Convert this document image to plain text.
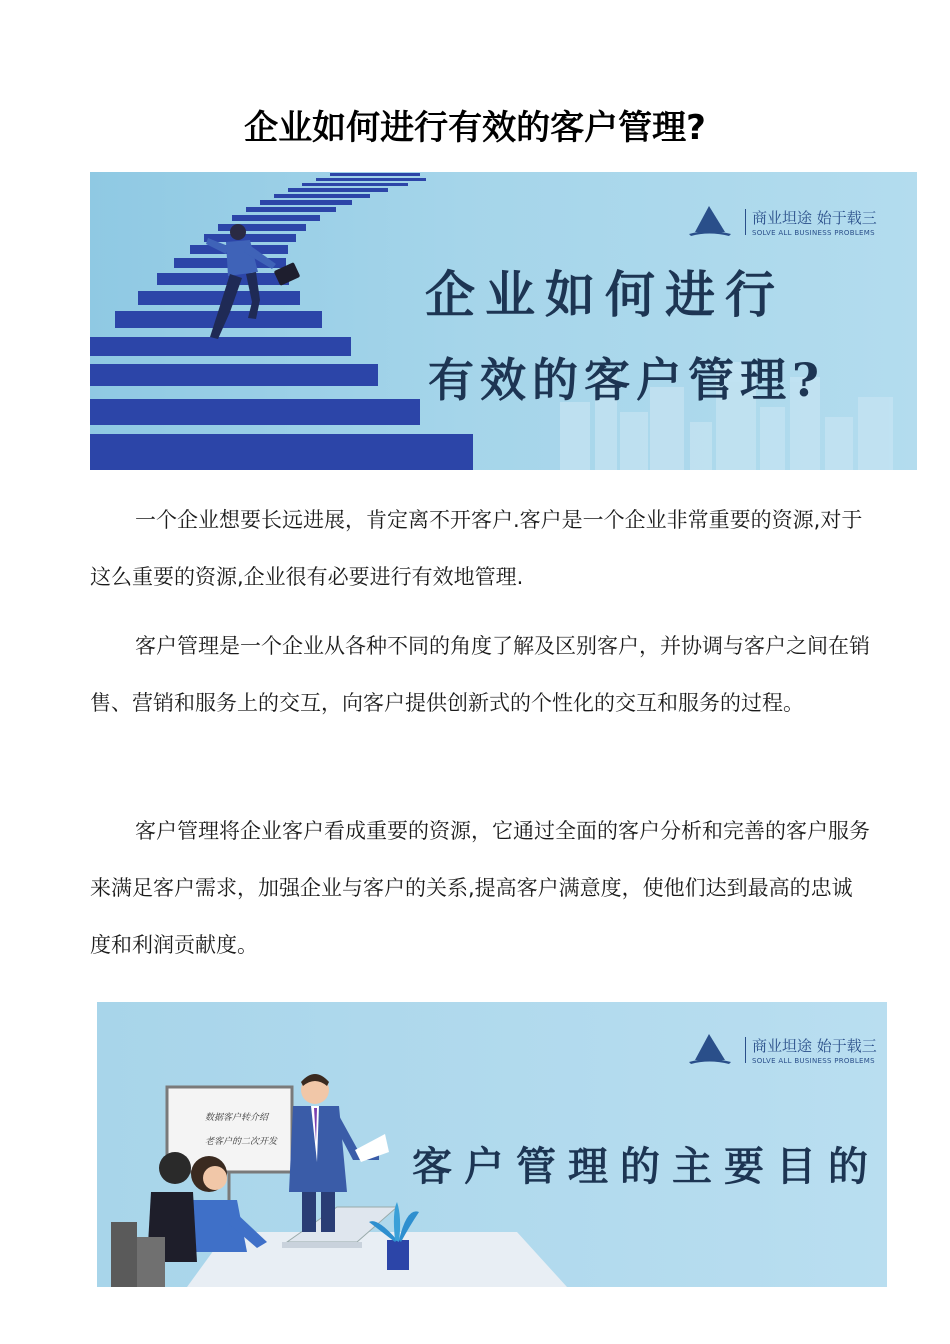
企业如何进行有效的客户管理?
商业坦途 始于载三
SOLVE ALL BUSINESS PROBLEMS
企业如何进行
有效的客户管理?

一个企业想要长远进展，肯定离不开客户.客户是一个企业非常重要的资源,对于这么重要的资源,企业很有必要进行有效地管理.

客户管理是一个企业从各种不同的角度了解及区别客户，并协调与客户之间在销售、营销和服务上的交互，向客户提供创新式的个性化的交互和服务的过程。

客户管理将企业客户看成重要的资源，它通过全面的客户分析和完善的客户服务来满足客户需求，加强企业与客户的关系,提高客户满意度，使他们达到最高的忠诚度和利润贡献度。

数据客户转介绍
老客户的二次开发
商业坦途 始于载三
SOLVE ALL BUSINESS PROBLEMS
客户管理的主要目的
